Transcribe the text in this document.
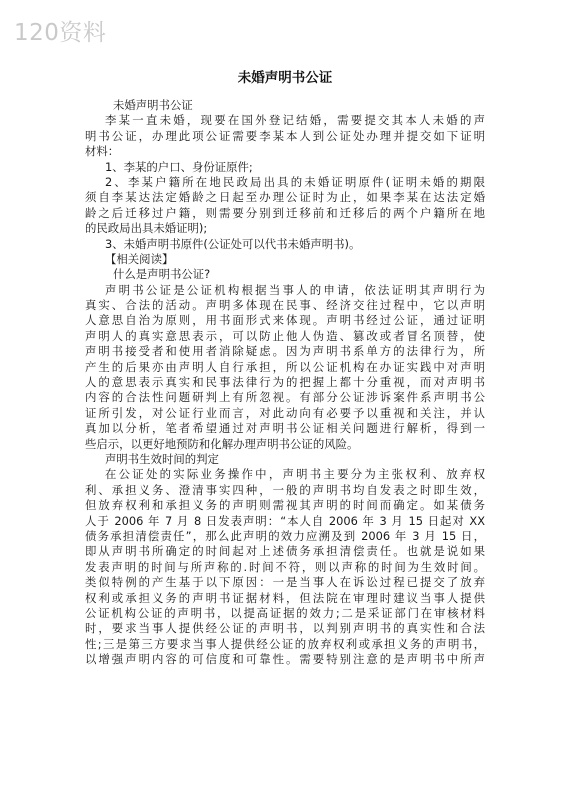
120资料
未婚声明书公证
未婚声明书公证
李某一直未婚，现要在国外登记结婚，需要提交其本人未婚的声
明书公证，办理此项公证需要李某本人到公证处办理并提交如下证明
材料：
1、李某的户口、身份证原件;
2、李某户籍所在地民政局出具的未婚证明原件(证明未婚的期限
须自李某达法定婚龄之日起至办理公证时为止，如果李某在达法定婚
龄之后迁移过户籍，则需要分别到迁移前和迁移后的两个户籍所在地
的民政局出具未婚证明);
3、未婚声明书原件(公证处可以代书未婚声明书)。
【相关阅读】
什么是声明书公证?
声明书公证是公证机构根据当事人的申请，依法证明其声明行为
真实、合法的活动。声明多体现在民事、经济交往过程中，它以声明
人意思自治为原则，用书面形式来体现。声明书经过公证，通过证明
声明人的真实意思表示，可以防止他人伪造、篡改或者冒名顶替，使
声明书接受者和使用者消除疑虑。因为声明书系单方的法律行为，所
产生的后果亦由声明人自行承担，所以公证机构在办证实践中对声明
人的意思表示真实和民事法律行为的把握上都十分重视，而对声明书
内容的合法性问题研判上有所忽视。有部分公证涉诉案件系声明书公
证所引发，对公证行业而言，对此动向有必要予以重视和关注，并认
真加以分析，笔者希望通过对声明书公证相关问题进行解析，得到一
些启示，以更好地预防和化解办理声明书公证的风险。
声明书生效时间的判定
在公证处的实际业务操作中，声明书主要分为主张权利、放弃权
利、承担义务、澄清事实四种，一般的声明书均自发表之时即生效，
但放弃权利和承担义务的声明则需视其声明的时间而确定。如某债务
人于 2006 年 7 月 8 日发表声明：“本人自 2006 年 3 月 15 日起对 XX
债务承担清偿责任”，那么此声明的效力应溯及到 2006 年 3 月 15 日，
即从声明书所确定的时间起对上述债务承担清偿责任。也就是说如果
发表声明的时间与所声称的.时间不符，则以声称的时间为生效时间。
类似特例的产生基于以下原因：一是当事人在诉讼过程已提交了放弃
权利或承担义务的声明书证据材料，但法院在审理时建议当事人提供
公证机构公证的声明书，以提高证据的效力;二是采证部门在审核材料
时，要求当事人提供经公证的声明书，以判别声明书的真实性和合法
性;三是第三方要求当事人提供经公证的放弃权利或承担义务的声明书，
以增强声明内容的可信度和可靠性。需要特别注意的是声明书中所声
